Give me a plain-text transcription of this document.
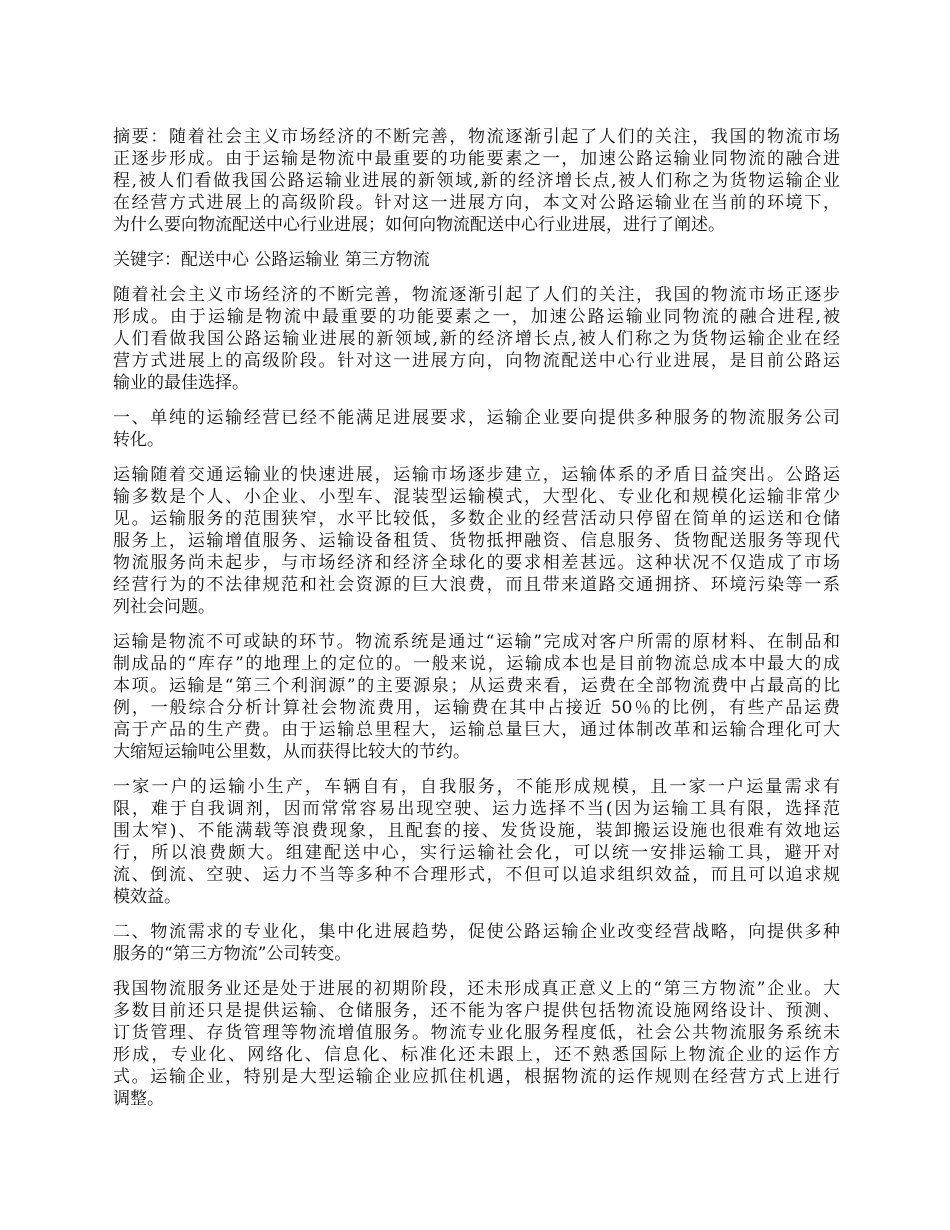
摘要：随着社会主义市场经济的不断完善，物流逐渐引起了人们的关注，我国的物流市场
正逐步形成。由于运输是物流中最重要的功能要素之一，加速公路运输业同物流的融合进
程,被人们看做我国公路运输业进展的新领域,新的经济增长点,被人们称之为货物运输企业
在经营方式进展上的高级阶段。针对这一进展方向，本文对公路运输业在当前的环境下，
为什么要向物流配送中心行业进展；如何向物流配送中心行业进展，进行了阐述。
关键字：配送中心 公路运输业 第三方物流
随着社会主义市场经济的不断完善，物流逐渐引起了人们的关注，我国的物流市场正逐步
形成。由于运输是物流中最重要的功能要素之一，加速公路运输业同物流的融合进程,被
人们看做我国公路运输业进展的新领域,新的经济增长点,被人们称之为货物运输企业在经
营方式进展上的高级阶段。针对这一进展方向，向物流配送中心行业进展，是目前公路运
输业的最佳选择。
一、单纯的运输经营已经不能满足进展要求，运输企业要向提供多种服务的物流服务公司
转化。
运输随着交通运输业的快速进展，运输市场逐步建立，运输体系的矛盾日益突出。公路运
输多数是个人、小企业、小型车、混装型运输模式，大型化、专业化和规模化运输非常少
见。运输服务的范围狭窄，水平比较低，多数企业的经营活动只停留在简单的运送和仓储
服务上，运输增值服务、运输设备租赁、货物抵押融资、信息服务、货物配送服务等现代
物流服务尚未起步，与市场经济和经济全球化的要求相差甚远。这种状况不仅造成了市场
经营行为的不法律规范和社会资源的巨大浪费，而且带来道路交通拥挤、环境污染等一系
列社会问题。
运输是物流不可或缺的环节。物流系统是通过“运输”完成对客户所需的原材料、在制品和
制成品的“库存”的地理上的定位的。一般来说，运输成本也是目前物流总成本中最大的成
本项。运输是“第三个利润源”的主要源泉；从运费来看，运费在全部物流费中占最高的比
例，一般综合分析计算社会物流费用，运输费在其中占接近 50％的比例，有些产品运费
高于产品的生产费。由于运输总里程大，运输总量巨大，通过体制改革和运输合理化可大
大缩短运输吨公里数，从而获得比较大的节约。
一家一户的运输小生产，车辆自有，自我服务，不能形成规模，且一家一户运量需求有
限，难于自我调剂，因而常常容易出现空驶、运力选择不当(因为运输工具有限，选择范
围太窄)、不能满载等浪费现象，且配套的接、发货设施，装卸搬运设施也很难有效地运
行，所以浪费颇大。组建配送中心，实行运输社会化，可以统一安排运输工具，避开对
流、倒流、空驶、运力不当等多种不合理形式，不但可以追求组织效益，而且可以追求规
模效益。
二、物流需求的专业化，集中化进展趋势，促使公路运输企业改变经营战略，向提供多种
服务的“第三方物流”公司转变。
我国物流服务业还是处于进展的初期阶段，还未形成真正意义上的“第三方物流”企业。大
多数目前还只是提供运输、仓储服务，还不能为客户提供包括物流设施网络设计、预测、
订货管理、存货管理等物流增值服务。物流专业化服务程度低，社会公共物流服务系统未
形成，专业化、网络化、信息化、标准化还未跟上，还不熟悉国际上物流企业的运作方
式。运输企业，特别是大型运输企业应抓住机遇，根据物流的运作规则在经营方式上进行
调整。
